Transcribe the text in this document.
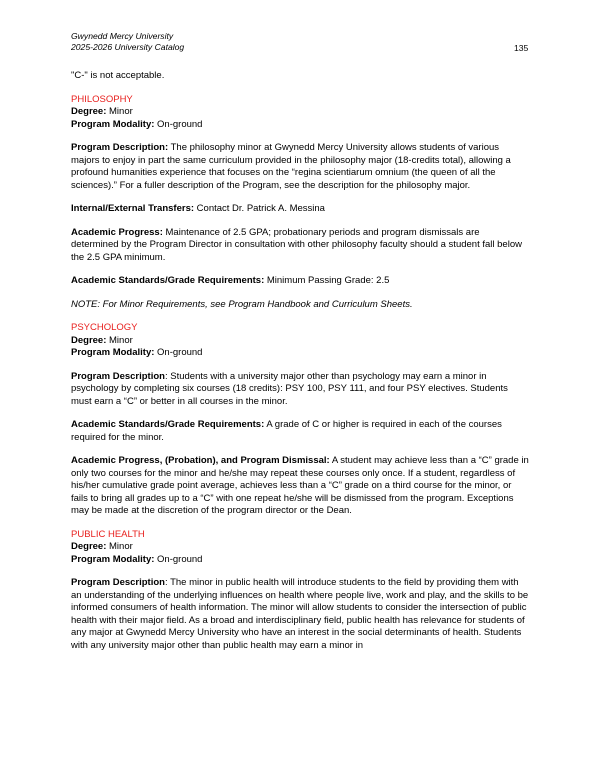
Gwynedd Mercy University
2025-2026 University Catalog	135

"C-" is not acceptable.

PHILOSOPHY

Degree: Minor

Program Modality: On-ground

Program Description: The philosophy minor at Gwynedd Mercy University allows students of various majors to enjoy in part the same curriculum provided in the philosophy major (18-credits total), allowing a profound humanities experience that focuses on the “regina scientiarum omnium (the queen of all the sciences).” For a fuller description of the Program, see the description for the philosophy major.

Internal/External Transfers: Contact Dr. Patrick A. Messina

Academic Progress: Maintenance of 2.5 GPA; probationary periods and program dismissals are determined by the Program Director in consultation with other philosophy faculty should a student fall below the 2.5 GPA minimum.

Academic Standards/Grade Requirements: Minimum Passing Grade: 2.5

NOTE: For Minor Requirements, see Program Handbook and Curriculum Sheets.

PSYCHOLOGY

Degree: Minor

Program Modality: On-ground

Program Description: Students with a university major other than psychology may earn a minor in psychology by completing six courses (18 credits): PSY 100, PSY 111, and four PSY electives. Students must earn a “C” or better in all courses in the minor.

Academic Standards/Grade Requirements: A grade of C or higher is required in each of the courses required for the minor.

Academic Progress, (Probation), and Program Dismissal: A student may achieve less than a “C” grade in only two courses for the minor and he/she may repeat these courses only once. If a student, regardless of his/her cumulative grade point average, achieves less than a “C” grade on a third course for the minor, or fails to bring all grades up to a “C” with one repeat he/she will be dismissed from the program. Exceptions may be made at the discretion of the program director or the Dean.

PUBLIC HEALTH

Degree: Minor

Program Modality: On-ground

Program Description: The minor in public health will introduce students to the field by providing them with an understanding of the underlying influences on health where people live, work and play, and the skills to be informed consumers of health information. The minor will allow students to consider the intersection of public health with their major field. As a broad and interdisciplinary field, public health has relevance for students of any major at Gwynedd Mercy University who have an interest in the social determinants of health. Students with any university major other than public health may earn a minor in
